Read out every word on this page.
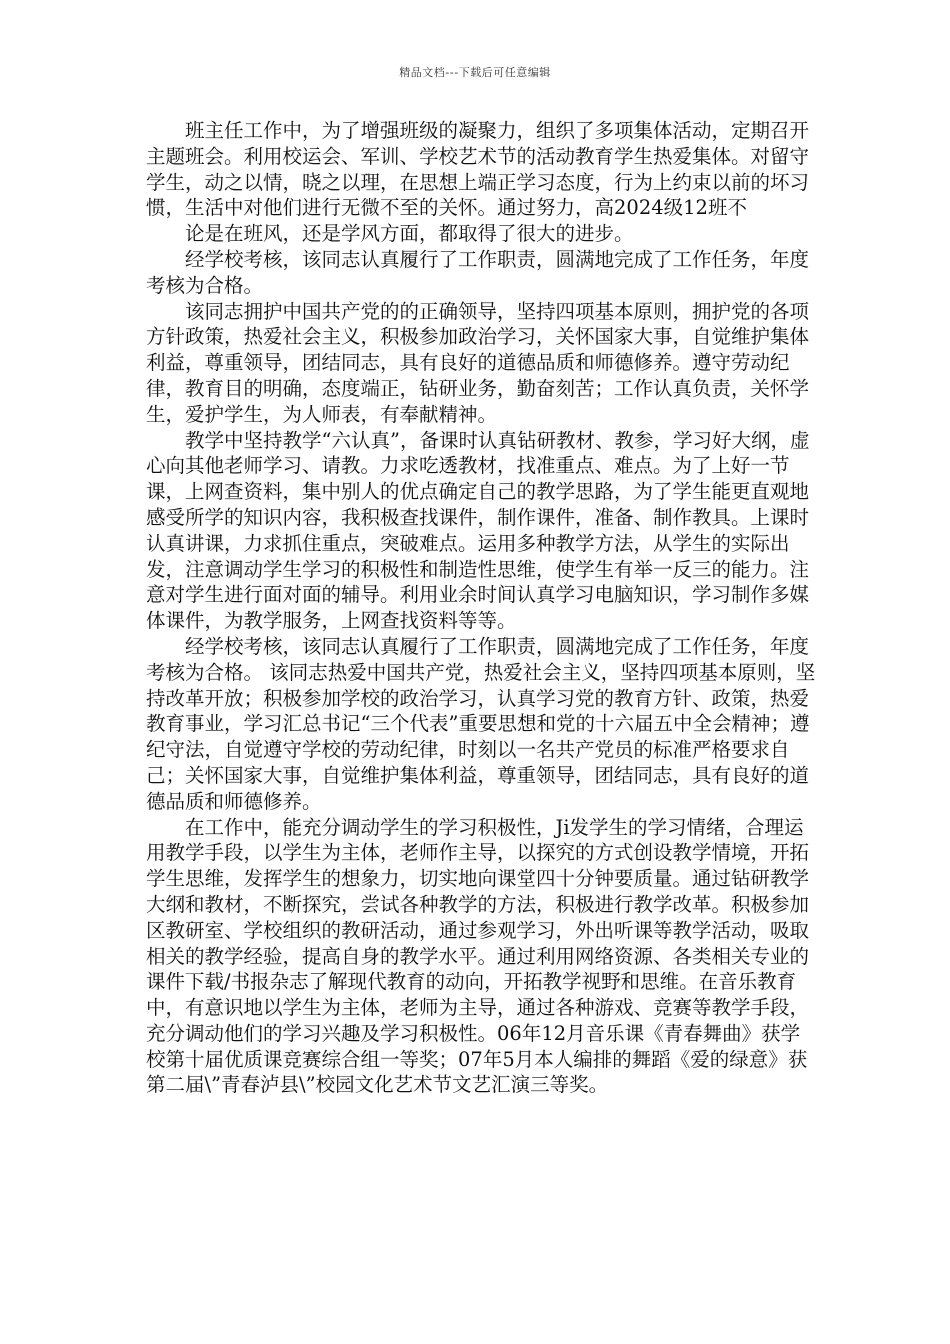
精品文档---下载后可任意编辑

班主任工作中，为了增强班级的凝聚力，组织了多项集体活动，定期召开主题班会。利用校运会、军训、学校艺术节的活动教育学生热爱集体。对留守学生，动之以情，晓之以理，在思想上端正学习态度，行为上约束以前的坏习惯，生活中对他们进行无微不至的关怀。通过努力，高2024级12班不

论是在班风，还是学风方面，都取得了很大的进步。

经学校考核，该同志认真履行了工作职责，圆满地完成了工作任务，年度考核为合格。

该同志拥护中国共产党的的正确领导，坚持四项基本原则，拥护党的各项方针政策，热爱社会主义，积极参加政治学习，关怀国家大事，自觉维护集体利益，尊重领导，团结同志，具有良好的道德品质和师德修养。遵守劳动纪律，教育目的明确，态度端正，钻研业务，勤奋刻苦；工作认真负责，关怀学生，爱护学生，为人师表，有奉献精神。

教学中坚持教学“六认真”，备课时认真钻研教材、教参，学习好大纲，虚心向其他老师学习、请教。力求吃透教材，找准重点、难点。为了上好一节课，上网查资料，集中别人的优点确定自己的教学思路，为了学生能更直观地感受所学的知识内容，我积极查找课件，制作课件，准备、制作教具。上课时认真讲课，力求抓住重点，突破难点。运用多种教学方法，从学生的实际出发，注意调动学生学习的积极性和制造性思维，使学生有举一反三的能力。注意对学生进行面对面的辅导。利用业余时间认真学习电脑知识，学习制作多媒体课件，为教学服务，上网查找资料等等。

经学校考核，该同志认真履行了工作职责，圆满地完成了工作任务，年度考核为合格。 该同志热爱中国共产党，热爱社会主义，坚持四项基本原则，坚持改革开放；积极参加学校的政治学习，认真学习党的教育方针、政策，热爱教育事业，学习汇总书记“三个代表”重要思想和党的十六届五中全会精神；遵纪守法，自觉遵守学校的劳动纪律，时刻以一名共产党员的标准严格要求自己；关怀国家大事，自觉维护集体利益，尊重领导，团结同志，具有良好的道德品质和师德修养。

在工作中，能充分调动学生的学习积极性，Ji发学生的学习情绪，合理运用教学手段，以学生为主体，老师作主导，以探究的方式创设教学情境，开拓学生思维，发挥学生的想象力，切实地向课堂四十分钟要质量。通过钻研教学大纲和教材，不断探究，尝试各种教学的方法，积极进行教学改革。积极参加区教研室、学校组织的教研活动，通过参观学习，外出听课等教学活动，吸取相关的教学经验，提高自身的教学水平。通过利用网络资源、各类相关专业的课件下载/书报杂志了解现代教育的动向，开拓教学视野和思维。在音乐教育中，有意识地以学生为主体，老师为主导，通过各种游戏、竞赛等教学手段，充分调动他们的学习兴趣及学习积极性。06年12月音乐课《青春舞曲》获学校第十届优质课竞赛综合组一等奖；07年5月本人编排的舞蹈《爱的绿意》获第二届\”青春泸县\”校园文化艺术节文艺汇演三等奖。
